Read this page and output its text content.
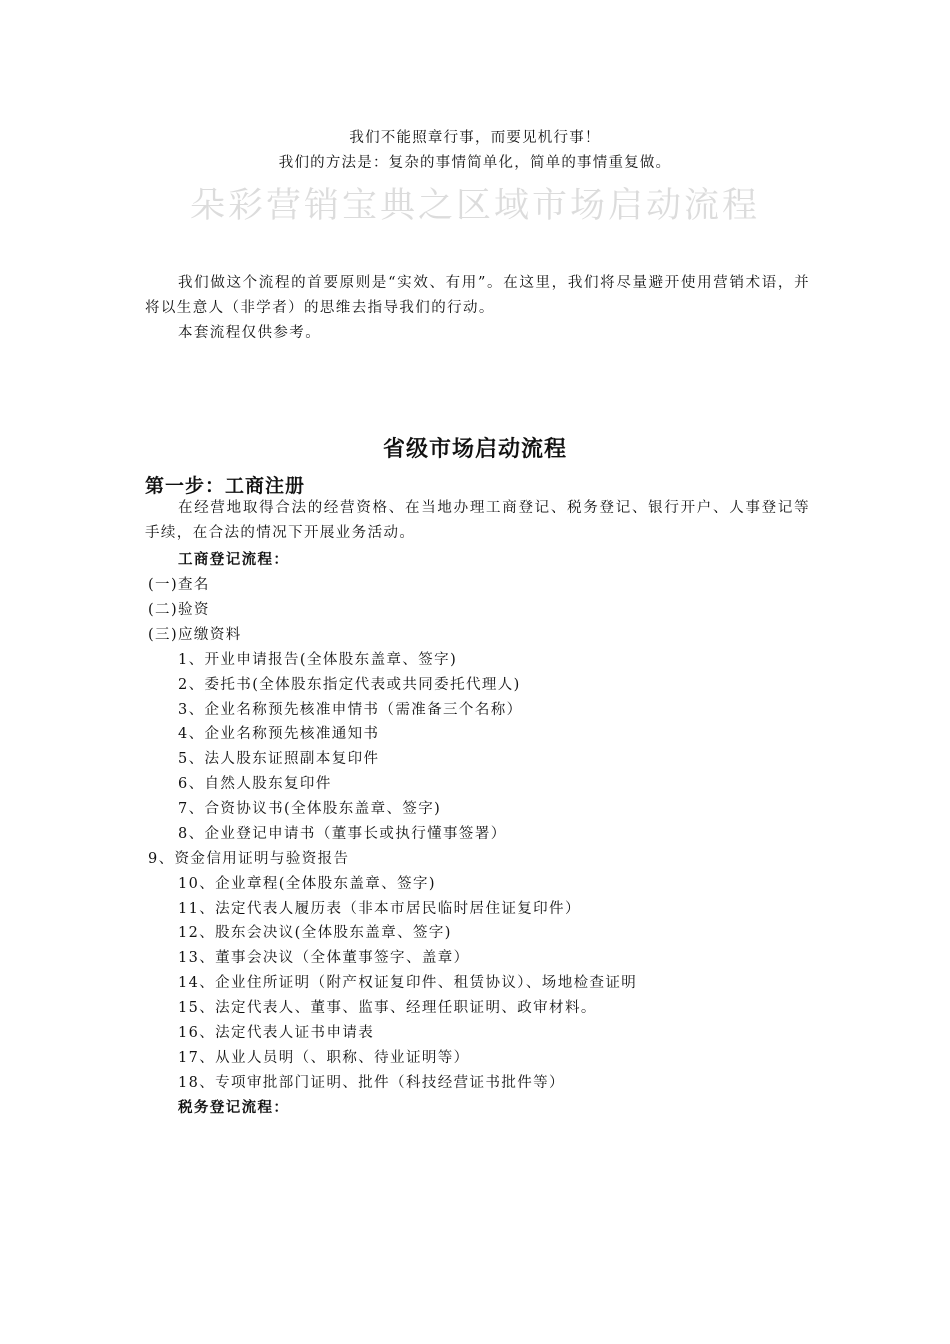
我们不能照章行事，而要见机行事！
我们的方法是：复杂的事情简单化，简单的事情重复做。
朵彩营销宝典之区域市场启动流程

我们做这个流程的首要原则是“实效、有用”。在这里，我们将尽量避开使用营销术语，并将以生意人（非学者）的思维去指导我们的行动。

本套流程仅供参考。

省级市场启动流程
第一步：工商注册

在经营地取得合法的经营资格、在当地办理工商登记、税务登记、银行开户、人事登记等手续，在合法的情况下开展业务活动。

工商登记流程：
(一)查名
(二)验资
(三)应缴资料
1、开业申请报告(全体股东盖章、签字)
2、委托书(全体股东指定代表或共同委托代理人)
3、企业名称预先核准申情书（需准备三个名称）
4、企业名称预先核准通知书
5、法人股东证照副本复印件
6、自然人股东复印件
7、合资协议书(全体股东盖章、签字)
8、企业登记申请书（董事长或执行懂事签署）
9、资金信用证明与验资报告
10、企业章程(全体股东盖章、签字)
11、法定代表人履历表（非本市居民临时居住证复印件）
12、股东会决议(全体股东盖章、签字)
13、董事会决议（全体董事签字、盖章）
14、企业住所证明（附产权证复印件、租赁协议）、场地检查证明
15、法定代表人、董事、监事、经理任职证明、政审材料。
16、法定代表人证书申请表
17、从业人员明（、职称、待业证明等）
18、专项审批部门证明、批件（科技经营证书批件等）
税务登记流程：
